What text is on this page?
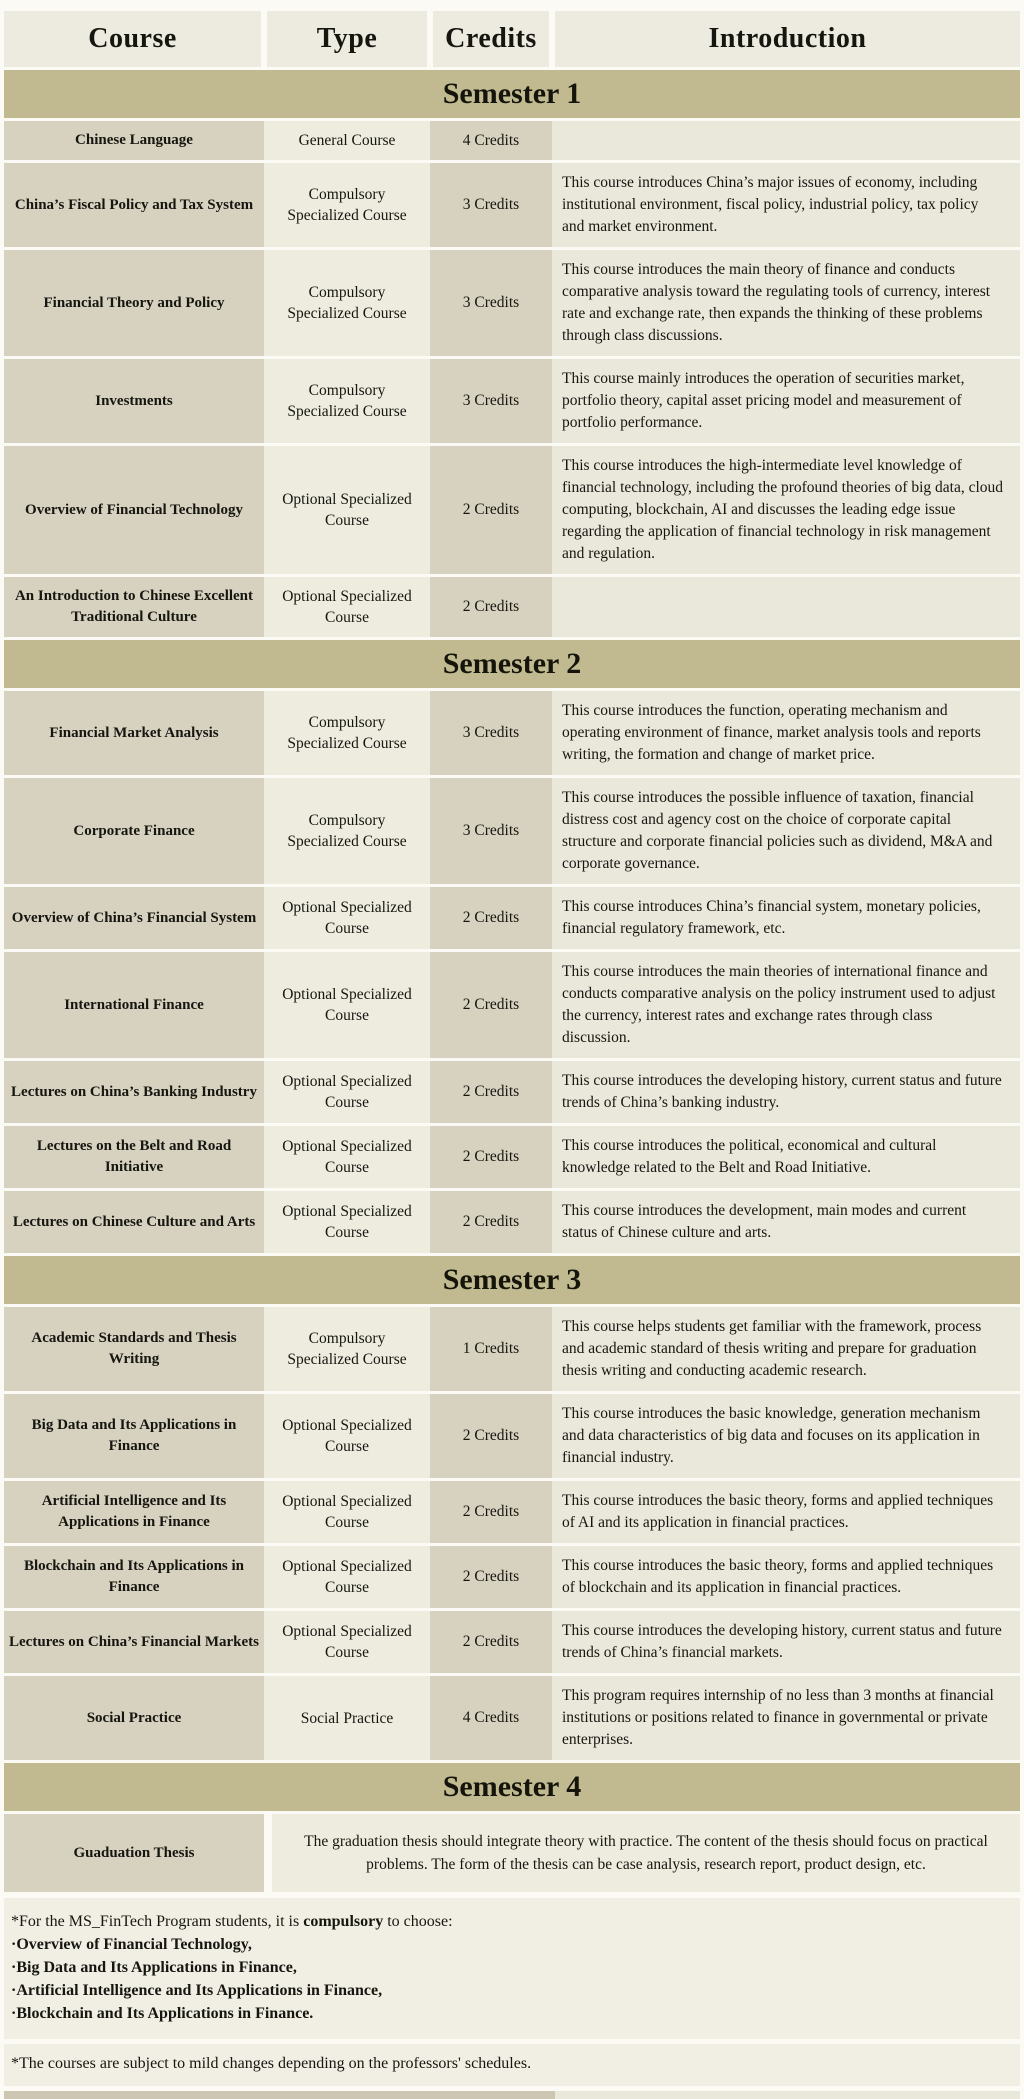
Course	Type	Credits	Introduction
Semester 1			
Chinese Language	General Course	4 Credits	
China’s Fiscal Policy and Tax System	Compulsory Specialized Course	3 Credits	This course introduces China’s major issues of economy, including institutional environment, fiscal policy, industrial policy, tax policy and market environment.
Financial Theory and Policy	Compulsory Specialized Course	3 Credits	This course introduces the main theory of finance and conducts comparative analysis toward the regulating tools of currency, interest rate and exchange rate, then expands the thinking of these problems through class discussions.
Investments	Compulsory Specialized Course	3 Credits	This course mainly introduces the operation of securities market, portfolio theory, capital asset pricing model and measurement of portfolio performance.
Overview of Financial Technology	Optional Specialized Course	2 Credits	This course introduces the high-intermediate level knowledge of financial technology, including the profound theories of big data, cloud computing, blockchain, AI and discusses the leading edge issue regarding the application of financial technology in risk management and regulation.
An Introduction to Chinese Excellent Traditional Culture	Optional Specialized Course	2 Credits	
Semester 2			
Financial Market Analysis	Compulsory Specialized Course	3 Credits	This course introduces the function, operating mechanism and operating environment of finance, market analysis tools and reports writing, the formation and change of market price.
Corporate Finance	Compulsory Specialized Course	3 Credits	This course introduces the possible influence of taxation, financial distress cost and agency cost on the choice of corporate capital structure and corporate financial policies such as dividend, M&A and corporate governance.
Overview of China’s Financial System	Optional Specialized Course	2 Credits	This course introduces China’s financial system, monetary policies, financial regulatory framework, etc.
International Finance	Optional Specialized Course	2 Credits	This course introduces the main theories of international finance and conducts comparative analysis on the policy instrument used to adjust the currency, interest rates and exchange rates through class discussion.
Lectures on China’s Banking Industry	Optional Specialized Course	2 Credits	This course introduces the developing history, current status and future trends of China’s banking industry.
Lectures on the Belt and Road Initiative	Optional Specialized Course	2 Credits	This course introduces the political, economical and cultural knowledge related to the Belt and Road Initiative.
Lectures on Chinese Culture and Arts	Optional Specialized Course	2 Credits	This course introduces the development, main modes and current status of Chinese culture and arts.
Semester 3			
Academic Standards and Thesis Writing	Compulsory Specialized Course	1 Credits	This course helps students get familiar with the framework, process and academic standard of thesis writing and prepare for graduation thesis writing and conducting academic research.
Big Data and Its Applications in Finance	Optional Specialized Course	2 Credits	This course introduces the basic knowledge, generation mechanism and data characteristics of big data and focuses on its application in financial industry.
Artificial Intelligence and Its Applications in Finance	Optional Specialized Course	2 Credits	This course introduces the basic theory, forms and applied techniques of AI and its application in financial practices.
Blockchain and Its Applications in Finance	Optional Specialized Course	2 Credits	This course introduces the basic theory, forms and applied techniques of blockchain and its application in financial practices.
Lectures on China’s Financial Markets	Optional Specialized Course	2 Credits	This course introduces the developing history, current status and future trends of China’s financial markets.
Social Practice	Social Practice	4 Credits	This program requires internship of no less than 3 months at financial institutions or positions related to finance in governmental or private enterprises.
Semester 4			
Guaduation Thesis	The graduation thesis should integrate theory with practice. The content of the thesis should focus on practical problems. The form of the thesis can be case analysis, research report, product design, etc.		

*For the MS_FinTech Program students, it is compulsory to choose:

·Overview of Financial Technology,

·Big Data and Its Applications in Finance,

·Artificial Intelligence and Its Applications in Finance,

·Blockchain and Its Applications in Finance.

*The courses are subject to mild changes depending on the professors' schedules.
